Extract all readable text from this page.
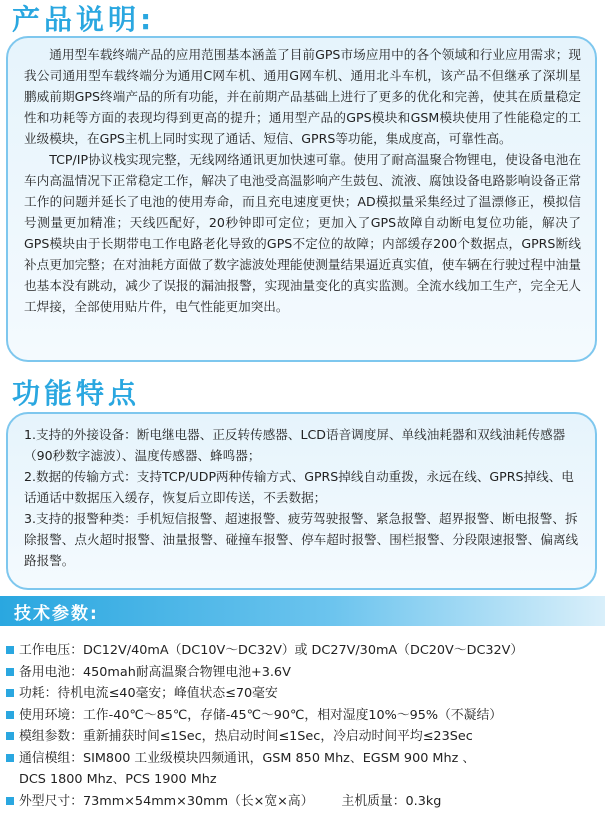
产品说明:

通用型车载终端产品的应用范围基本涵盖了目前GPS市场应用中的各个领域和行业应用需求；现我公司通用型车载终端分为通用C网车机、通用G网车机、通用北斗车机，该产品不但继承了深圳星鹏威前期GPS终端产品的所有功能，并在前期产品基础上进行了更多的优化和完善，使其在质量稳定性和功耗等方面的表现均得到更高的提升；通用型产品的GPS模块和GSM模块使用了性能稳定的工业级模块，在GPS主机上同时实现了通话、短信、GPRS等功能，集成度高，可靠性高。

TCP/IP协议栈实现完整，无线网络通讯更加快速可靠。使用了耐高温聚合物锂电，使设备电池在车内高温情况下正常稳定工作，解决了电池受高温影响产生鼓包、流液、腐蚀设备电路影响设备正常工作的问题并延长了电池的使用寿命，而且充电速度更快；AD模拟量采集经过了温漂修正，模拟信号测量更加精准；天线匹配好，20秒钟即可定位；更加入了GPS故障自动断电复位功能，解决了GPS模块由于长期带电工作电路老化导致的GPS不定位的故障；内部缓存200个数据点，GPRS断线补点更加完整；在对油耗方面做了数字滤波处理能使测量结果逼近真实值，使车辆在行驶过程中油量也基本没有跳动，减少了误报的漏油报警，实现油量变化的真实监测。全流水线加工生产，完全无人工焊接，全部使用贴片件，电气性能更加突出。

功能特点

1.支持的外接设备：断电继电器、正反转传感器、LCD语音调度屏、单线油耗器和双线油耗传感器（90秒数字滤波）、温度传感器、蜂鸣器；

2.数据的传输方式：支持TCP/UDP两种传输方式、GPRS掉线自动重拨，永远在线、GPRS掉线、电话通话中数据压入缓存，恢复后立即传送，不丢数据；

3.支持的报警种类：手机短信报警、超速报警、疲劳驾驶报警、紧急报警、超界报警、断电报警、拆除报警、点火超时报警、油量报警、碰撞车报警、停车超时报警、围栏报警、分段限速报警、偏离线路报警。

技术参数:
工作电压：DC12V/40mA（DC10V～DC32V）或 DC27V/30mA（DC20V～DC32V）
备用电池：450mah耐高温聚合物锂电池+3.6V
功耗：待机电流≤40毫安；峰值状态≤70毫安
使用环境：工作-40℃～85℃，存储-45℃～90℃，相对湿度10%～95%（不凝结）
模组参数：重新捕获时间≤1Sec，热启动时间≤1Sec，冷启动时间平均≤23Sec
通信模组：SIM800 工业级模块四频通讯，GSM 850 Mhz、EGSM 900 Mhz 、
DCS 1800 Mhz、PCS 1900 Mhz
外型尺寸：73mm×54mm×30mm（长×宽×高） 主机质量：0.3kg
